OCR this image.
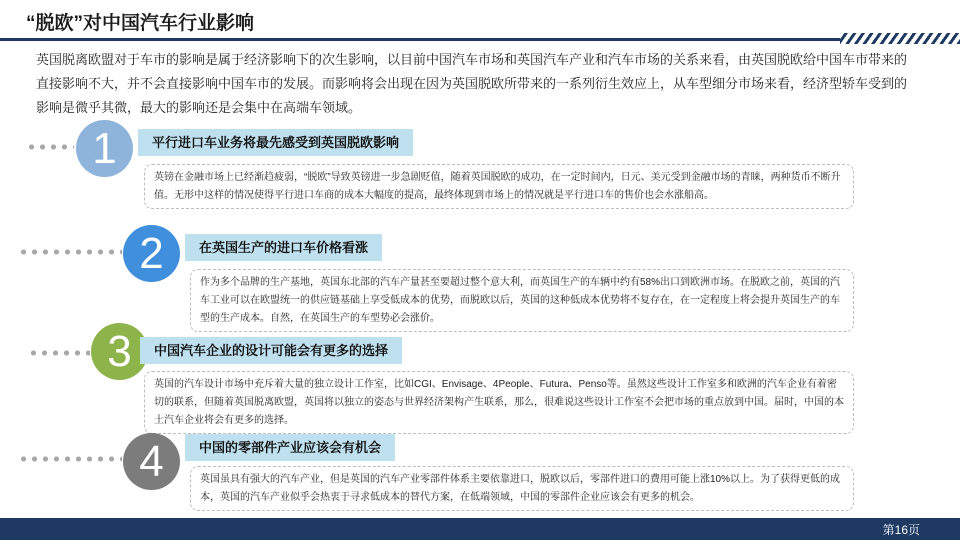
“脱欧”对中国汽车行业影响
英国脱离欧盟对于车市的影响是属于经济影响下的次生影响，以目前中国汽车市场和英国汽车产业和汽车市场的关系来看，由英国脱欧给中国车市带来的直接影响不大，并不会直接影响中国车市的发展。而影响将会出现在因为英国脱欧所带来的一系列衍生效应上，从车型细分市场来看，经济型轿车受到的影响是微乎其微，最大的影响还是会集中在高端车领域。
1	平行进口车业务将最先感受到英国脱欧影响
英镑在金融市场上已经渐趋疲弱，“脱欧”导致英镑进一步急剧贬值，随着英国脱欧的成功，在一定时间内，日元、美元受到金融市场的青睐，两种货币不断升值。无形中这样的情况使得平行进口车商的成本大幅度的提高，最终体现到市场上的情况就是平行进口车的售价也会水涨船高。
2	在英国生产的进口车价格看涨
作为多个品牌的生产基地，英国东北部的汽车产量甚至要超过整个意大利，而英国生产的车辆中约有58%出口到欧洲市场。在脱欧之前，英国的汽车工业可以在欧盟统一的供应链基础上享受低成本的优势，而脱欧以后，英国的这种低成本优势将不复存在，在一定程度上将会提升英国生产的车型的生产成本。自然，在英国生产的车型势必会涨价。
3	中国汽车企业的设计可能会有更多的选择
英国的汽车设计市场中充斥着大量的独立设计工作室，比如CGI、Envisage、4People、Futura、Penso等。虽然这些设计工作室多和欧洲的汽车企业有着密切的联系，但随着英国脱离欧盟，英国将以独立的姿态与世界经济架构产生联系，那么，很难说这些设计工作室不会把市场的重点放到中国。届时，中国的本土汽车企业将会有更多的选择。
4	中国的零部件产业应该会有机会
英国虽具有强大的汽车产业，但是英国的汽车产业零部件体系主要依靠进口，脱欧以后，零部件进口的费用可能上涨10%以上。为了获得更低的成本，英国的汽车产业似乎会热衷于寻求低成本的替代方案，在低端领域，中国的零部件企业应该会有更多的机会。
第16页
